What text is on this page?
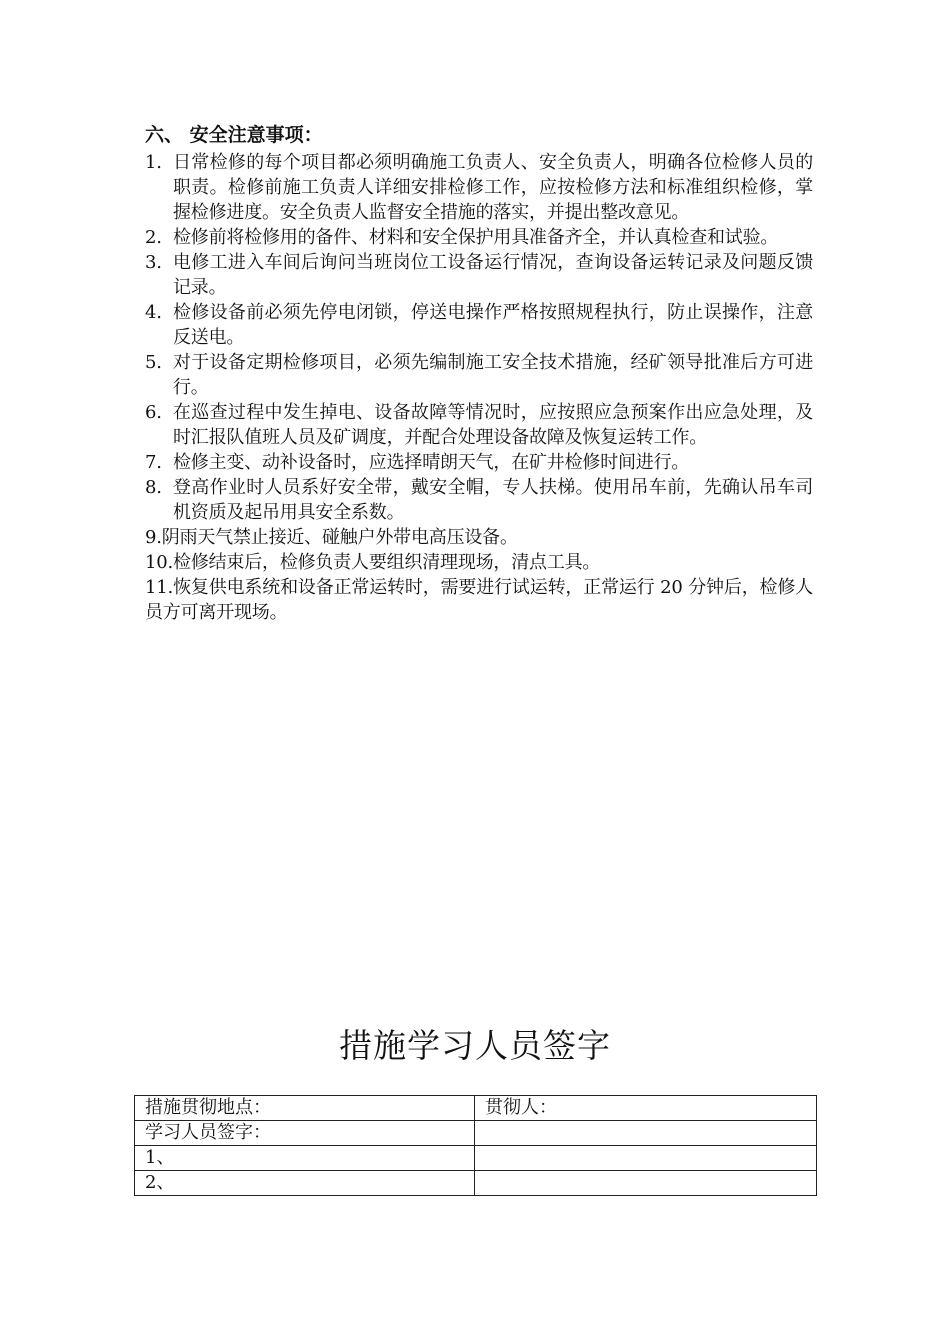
六、 安全注意事项：
1. 日常检修的每个项目都必须明确施工负责人、安全负责人，明确各位检修人员的职责。检修前施工负责人详细安排检修工作，应按检修方法和标准组织检修，掌握检修进度。安全负责人监督安全措施的落实，并提出整改意见。
2. 检修前将检修用的备件、材料和安全保护用具准备齐全，并认真检查和试验。
3. 电修工进入车间后询问当班岗位工设备运行情况，查询设备运转记录及问题反馈记录。
4. 检修设备前必须先停电闭锁，停送电操作严格按照规程执行，防止误操作，注意反送电。
5. 对于设备定期检修项目，必须先编制施工安全技术措施，经矿领导批准后方可进行。
6. 在巡查过程中发生掉电、设备故障等情况时，应按照应急预案作出应急处理，及时汇报队值班人员及矿调度，并配合处理设备故障及恢复运转工作。
7. 检修主变、动补设备时，应选择晴朗天气，在矿井检修时间进行。
8. 登高作业时人员系好安全带，戴安全帽，专人扶梯。使用吊车前，先确认吊车司机资质及起吊用具安全系数。
9.阴雨天气禁止接近、碰触户外带电高压设备。
10.检修结束后，检修负责人要组织清理现场，清点工具。
11.恢复供电系统和设备正常运转时，需要进行试运转，正常运行 20 分钟后，检修人员方可离开现场。
措施学习人员签字
措施贯彻地点：	贯彻人：
学习人员签字：	
1、	
2、	
